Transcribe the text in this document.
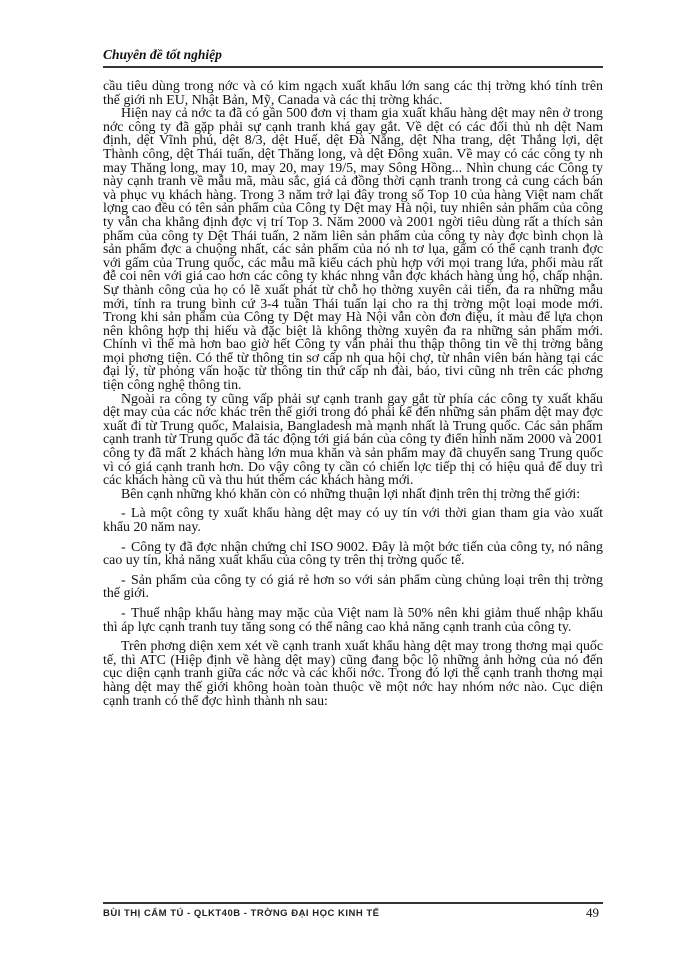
Chuyên đề tốt nghiệp

cầu tiêu dùng trong nớc và có kim ngạch xuất khẩu lớn sang các thị trờng khó tính trên thế giới nh EU, Nhật Bản, Mỹ, Canada và các thị trờng khác.

Hiện nay cả nớc ta đã có gần 500 đơn vị tham gia xuất khẩu hàng dệt may nên ở trong nớc công ty đã gặp phải sự cạnh tranh khá gay gắt. Về dệt có các đối thủ nh dệt Nam định, dệt Vĩnh phú, dệt 8/3, dệt Huế, dệt Đà Nẵng, dệt Nha trang, dệt Thắng lợi, dệt Thành công, dệt Thái tuấn, dệt Thăng long, và dệt Đông xuân. Về may có các công ty nh may Thăng long, may 10, may 20, may 19/5, may Sông Hồng... Nhìn chung các Công ty này cạnh tranh về mẫu mã, màu sắc, giá cả đồng thời cạnh tranh trong cả cung cách bán và phục vụ khách hàng. Trong 3 năm trở lại đây trong số Top 10 của hàng Việt nam chất lợng cao đều có tên sản phẩm của Công ty Dệt may Hà nội, tuy nhiên sản phẩm của công ty vẫn cha khẳng định đợc vị trí Top 3. Năm 2000 và 2001 ngời tiêu dùng rất a thích sản phẩm của công ty Dệt Thái tuấn, 2 năm liên sản phẩm của công ty này đợc bình chọn là sản phẩm đợc a chuộng nhất, các sản phẩm của nó nh tơ lụa, gấm có thể cạnh tranh đợc với gấm của Trung quốc, các mẫu mã kiểu cách phù hợp với mọi trang lứa, phối màu rất đễ coi nên với giá cao hơn các công ty khác nhng vẫn đợc khách hàng ủng hộ, chấp nhận. Sự thành công của họ có lẽ xuất phát từ chỗ họ thờng xuyên cải tiến, đa ra những mẫu mới, tính ra trung bình cứ 3-4 tuần Thái tuấn lại cho ra thị trờng một loại mode mới. Trong khi sản phẩm của Công ty Dệt may Hà Nội vẫn còn đơn điệu, ít màu để lựa chọn nên không hợp thị hiếu và đặc biệt là không thờng xuyên đa ra những sản phẩm mới. Chính vì thế mà hơn bao giờ hết Công ty vẫn phải thu thập thông tin về thị trờng bằng mọi phơng tiện. Có thể từ thông tin sơ cấp nh qua hội chợ, từ nhân viên bán hàng tại các đại lý, từ phỏng vấn hoặc từ thông tin thứ cấp nh đài, báo, tivi cũng nh trên các phơng tiện công nghệ thông tin.

Ngoài ra công ty cũng vấp phải sự cạnh tranh gay gắt từ phía các công ty xuất khẩu dệt may của các nớc khác trên thế giới trong đó phải kể đến những sản phẩm dệt may đợc xuất đi từ Trung quốc, Malaisia, Bangladesh mà mạnh nhất là Trung quốc. Các sản phẩm cạnh tranh từ Trung quốc đã tác động tới giá bán của công ty điển hình năm 2000 và 2001 công ty đã mất 2 khách hàng lớn mua khăn và sản phẩm may đã chuyển sang Trung quốc vì có giá cạnh tranh hơn. Do vậy công ty cần có chiến lợc tiếp thị có hiệu quả để duy trì các khách hàng cũ và thu hút thêm các khách hàng mới.

Bên cạnh những khó khăn còn có những thuận lợi nhất định trên thị trờng thế giới:

- Là một công ty xuất khẩu hàng dệt may có uy tín với thời gian tham gia vào xuất khẩu 20 năm nay.

- Công ty đã đợc nhận chứng chỉ ISO 9002. Đây là một bớc tiến của công ty, nó nâng cao uy tín, khả năng xuất khẩu của công ty trên thị trờng quốc tế.

- Sản phẩm của công ty có giá rẻ hơn so với sản phẩm cùng chủng loại trên thị trờng thế giới.

- Thuế nhập khẩu hàng may mặc của Việt nam là 50% nên khi giảm thuế nhập khẩu thì áp lực cạnh tranh tuy tăng song có thể nâng cao khả năng cạnh tranh của công ty.

Trên phơng diện xem xét về cạnh tranh xuất khẩu hàng dệt may trong thơng mại quốc tế, thì ATC (Hiệp định về hàng dệt may) cũng đang bộc lộ những ảnh hởng của nó đến cục diện cạnh tranh giữa các nớc và các khối nớc. Trong đó lợi thế cạnh tranh thơng mại hàng dệt may thế giới không hoàn toàn thuộc về một nớc hay nhóm nớc nào. Cục diện cạnh tranh có thể đợc hình thành nh sau:

BÙI THỊ CẨM TÚ - QLKT40B - TRỜNG ĐẠI HỌC KINH TẾ	49
